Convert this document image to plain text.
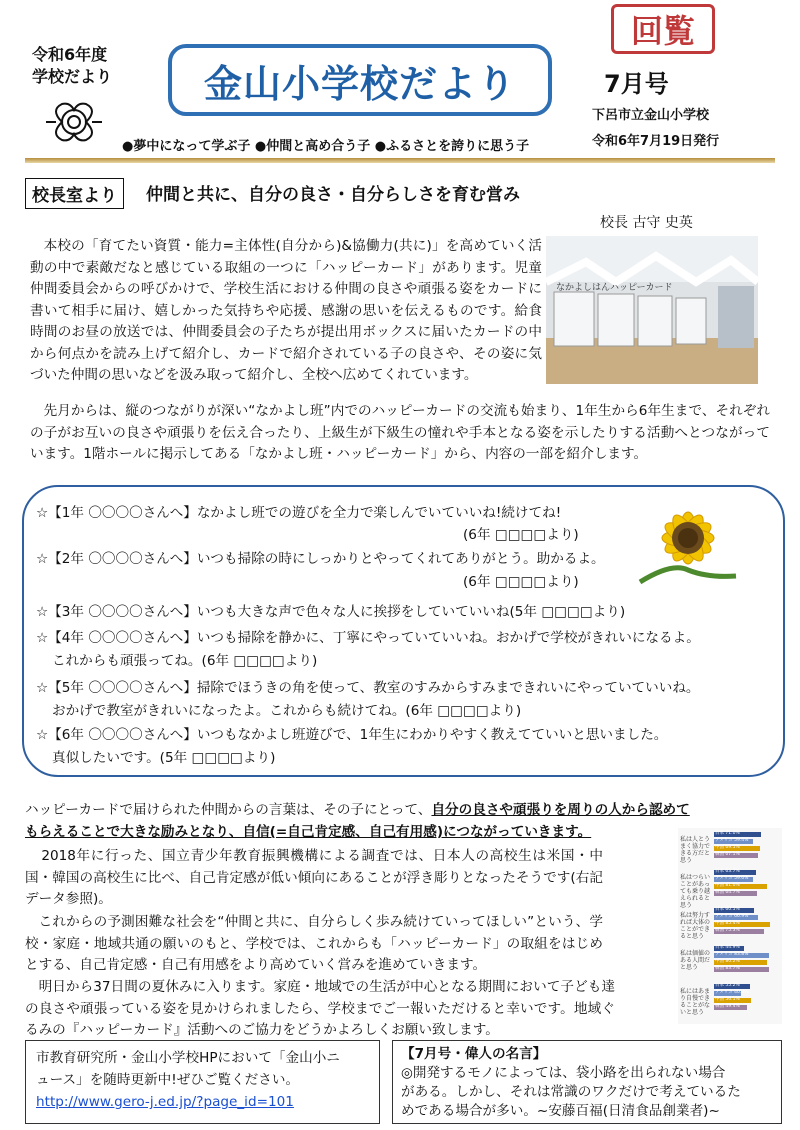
令和6年度
学校だより 金山小学校だより
回覧
7月号
下呂市立金山小学校
令和6年7月19日発行
●夢中になって学ぶ子 ●仲間と高め合う子 ●ふるさとを誇りに思う子
校長室より	仲間と共に、自分の良さ・自分らしさを育む営み
校長 古守 史英
なかよしはんハッピーカード
本校の「育てたい資質・能力=主体性(自分から)&協働力(共に)」を高めていく活動の中で素敵だなと感じている取組の一つに「ハッピーカード」があります。児童仲間委員会からの呼びかけで、学校生活における仲間の良さや頑張る姿をカードに書いて相手に届け、嬉しかった気持ちや応援、感謝の思いを伝えるものです。給食時間のお昼の放送では、仲間委員会の子たちが提出用ボックスに届いたカードの中から何点かを読み上げて紹介し、カードで紹介されている子の良さや、その姿に気づいた仲間の思いなどを汲み取って紹介し、全校へ広めてくれています。
先月からは、縦のつながりが深い“なかよし班”内でのハッピーカードの交流も始まり、1年生から6年生まで、それぞれの子がお互いの良さや頑張りを伝え合ったり、上級生が下級生の憧れや手本となる姿を示したりする活動へとつながっています。1階ホールに掲示してある「なかよし班・ハッピーカード」から、内容の一部を紹介します。
☆【1年 〇〇〇〇さんへ】なかよし班での遊びを全力で楽しんでいていいね!続けてね!
(6年 □□□□より)
☆【2年 〇〇〇〇さんへ】いつも掃除の時にしっかりとやってくれてありがとう。助かるよ。
(6年 □□□□より)
☆【3年 〇〇〇〇さんへ】いつも大きな声で色々な人に挨拶をしていていいね(5年 □□□□より)
☆【4年 〇〇〇〇さんへ】いつも掃除を静かに、丁寧にやっていていいね。おかげで学校がきれいになるよ。
これからも頑張ってね。(6年 □□□□より)
☆【5年 〇〇〇〇さんへ】掃除でほうきの角を使って、教室のすみからすみまできれいにやっていていいね。
おかげで教室がきれいになったよ。これからも続けてね。(6年 □□□□より)
☆【6年 〇〇〇〇さんへ】いつもなかよし班遊びで、1年生にわかりやすく教えてていいと思いました。
真似したいです。(5年 □□□□より)
ハッピーカードで届けられた仲間からの言葉は、その子にとって、自分の良さや頑張りを周りの人から認めて
もらえることで大きな励みとなり、自信(=自己肯定感、自己有用感)につながっていきます。
2018年に行った、国立青少年教育振興機構による調査では、日本人の高校生は米国・中国・韓国の高校生に比べ、自己肯定感が低い傾向にあることが浮き彫りとなったそうです(右記データ参照)。
これからの予測困難な社会を“仲間と共に、自分らしく歩み続けていってほしい”という、学校・家庭・地域共通の願いのもと、学校では、これからも「ハッピーカード」の取組をはじめとする、自己肯定感・自己有用感をより高めていく営みを進めていきます。
明日から37日間の夏休みに入ります。家庭・地域での生活が中心となる期間において子ども達の良さや頑張っている姿を見かけられましたら、学校までご一報いただけると幸いです。地域ぐるみの『ハッピーカード』活動へのご協力をどうかよろしくお願い致します。
私は人とうまく協力できる方だと思う
日本 71.0%
アメリカ 59.4%
中国 69.5%
韓国 67.1%
私はつらいことがあっても乗り越えられると思う
日本 63.7%
アメリカ 59.6%
中国 81.0%
韓国 64.7%
私は努力すれば大体のことができると思う
日本 60.5%
アメリカ 66.9%
中国 85.4%
韓国 75.3%
私は価値のある人間だと思う
日本 44.9%
アメリカ 83.8%
中国 80.2%
韓国 83.7%
私にはあまり自慢できることがないと思う
日本 55.2%
アメリカ 40.9%
中国 56.1%
韓国 49.4%
市教育研究所・金山小学校HPにおいて「金山小ニ
ュース」を随時更新中!ぜひご覧ください。
http://www.gero-j.ed.jp/?page_id=101
【7月号・偉人の名言】
◎開発するモノによっては、袋小路を出られない場合
がある。しかし、それは常識のワクだけで考えているた
めである場合が多い。~安藤百福(日清食品創業者)~
